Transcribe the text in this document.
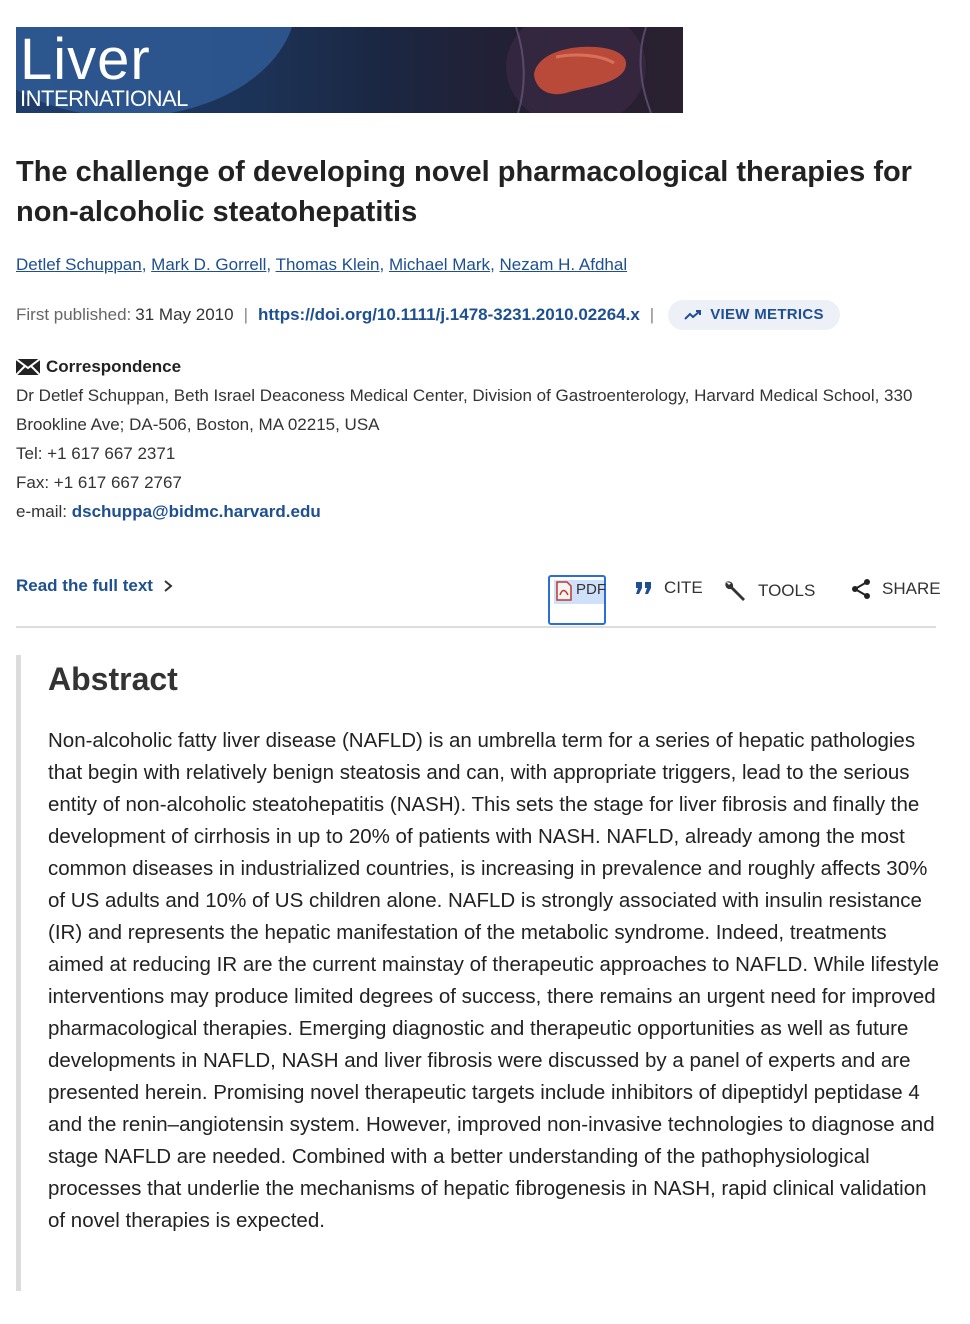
Liver
INTERNATIONAL
The challenge of developing novel pharmacological therapies for non-alcoholic steatohepatitis
Detlef Schuppan, Mark D. Gorrell, Thomas Klein, Michael Mark, Nezam H. Afdhal
First published: 31 May 2010 | https://doi.org/10.1111/j.1478-3231.2010.02264.x |	VIEW METRICS
Correspondence
Dr Detlef Schuppan, Beth Israel Deaconess Medical Center, Division of Gastroenterology, Harvard Medical School, 330 Brookline Ave; DA-506, Boston, MA 02215, USA
Tel: +1 617 667 2371
Fax: +1 617 667 2767
e-mail: dschuppa@bidmc.harvard.edu
Read the full text	PDF	CITE	TOOLS	SHARE
Abstract

Non-alcoholic fatty liver disease (NAFLD) is an umbrella term for a series of hepatic pathologies that begin with relatively benign steatosis and can, with appropriate triggers, lead to the serious entity of non-alcoholic steatohepatitis (NASH). This sets the stage for liver fibrosis and finally the development of cirrhosis in up to 20% of patients with NASH. NAFLD, already among the most common diseases in industrialized countries, is increasing in prevalence and roughly affects 30% of US adults and 10% of US children alone. NAFLD is strongly associated with insulin resistance (IR) and represents the hepatic manifestation of the metabolic syndrome. Indeed, treatments aimed at reducing IR are the current mainstay of therapeutic approaches to NAFLD. While lifestyle interventions may produce limited degrees of success, there remains an urgent need for improved pharmacological therapies. Emerging diagnostic and therapeutic opportunities as well as future developments in NAFLD, NASH and liver fibrosis were discussed by a panel of experts and are presented herein. Promising novel therapeutic targets include inhibitors of dipeptidyl peptidase 4 and the renin–angiotensin system. However, improved non-invasive technologies to diagnose and stage NAFLD are needed. Combined with a better understanding of the pathophysiological processes that underlie the mechanisms of hepatic fibrogenesis in NASH, rapid clinical validation of novel therapies is expected.
